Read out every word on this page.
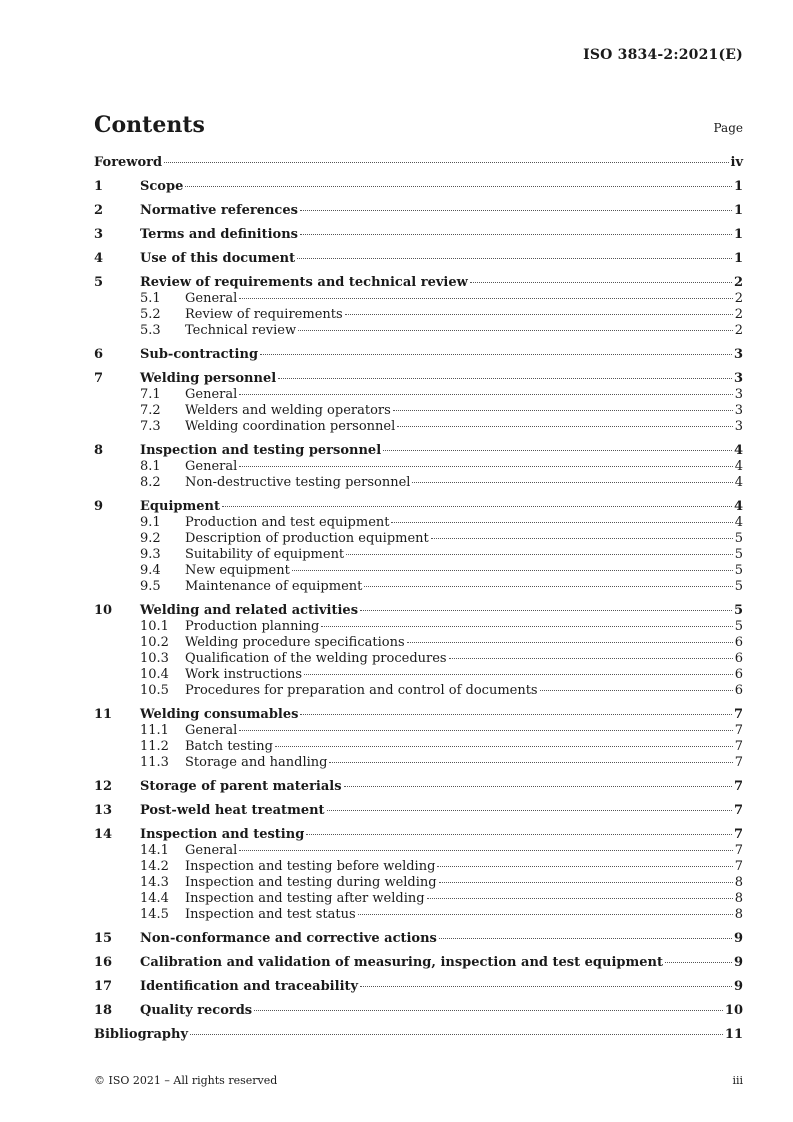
ISO 3834-2:2021(E)
Contents	Page
Foreword	iv
1	Scope	1
2	Normative references	1
3	Terms and definitions	1
4	Use of this document	1
5	Review of requirements and technical review	2
5.1	General	2
5.2	Review of requirements	2
5.3	Technical review	2
6	Sub-contracting	3
7	Welding personnel	3
7.1	General	3
7.2	Welders and welding operators	3
7.3	Welding coordination personnel	3
8	Inspection and testing personnel	4
8.1	General	4
8.2	Non-destructive testing personnel	4
9	Equipment	4
9.1	Production and test equipment	4
9.2	Description of production equipment	5
9.3	Suitability of equipment	5
9.4	New equipment	5
9.5	Maintenance of equipment	5
10	Welding and related activities	5
10.1	Production planning	5
10.2	Welding procedure specifications	6
10.3	Qualification of the welding procedures	6
10.4	Work instructions	6
10.5	Procedures for preparation and control of documents	6
11	Welding consumables	7
11.1	General	7
11.2	Batch testing	7
11.3	Storage and handling	7
12	Storage of parent materials	7
13	Post-weld heat treatment	7
14	Inspection and testing	7
14.1	General	7
14.2	Inspection and testing before welding	7
14.3	Inspection and testing during welding	8
14.4	Inspection and testing after welding	8
14.5	Inspection and test status	8
15	Non-conformance and corrective actions	9
16	Calibration and validation of measuring, inspection and test equipment	9
17	Identification and traceability	9
18	Quality records	10
Bibliography	11
© ISO 2021 – All rights reserved	iii
